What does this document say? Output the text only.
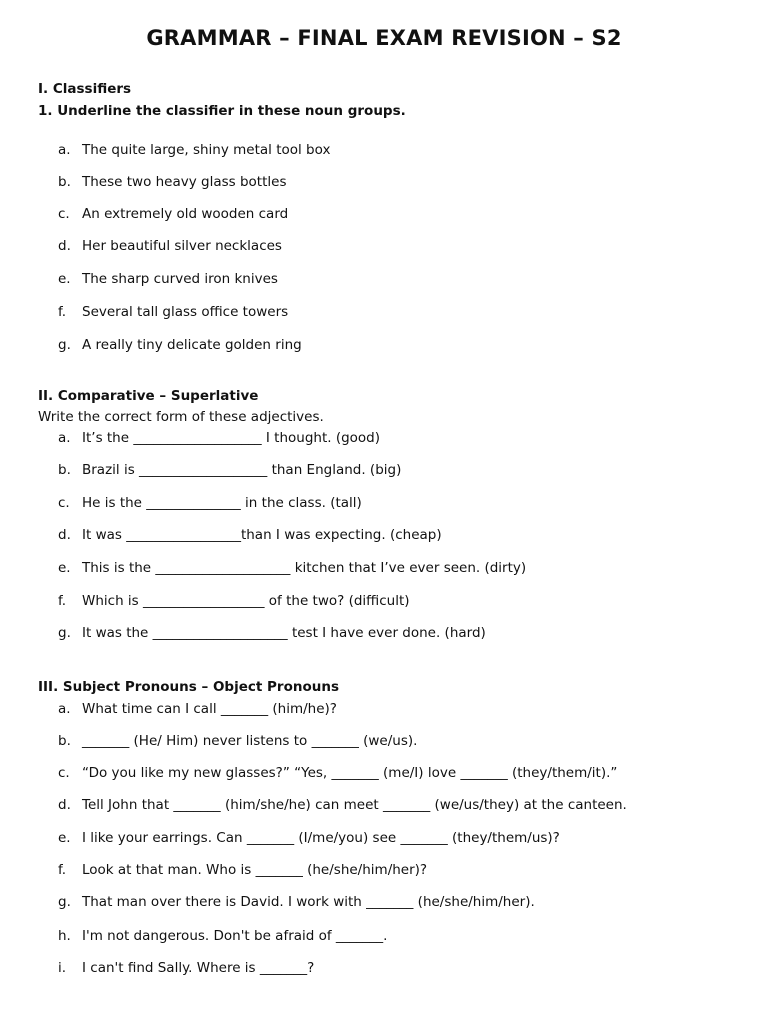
GRAMMAR – FINAL EXAM REVISION – S2

I. Classifiers

1. Underline the classifier in these noun groups.

a. The quite large, shiny metal tool box

b. These two heavy glass bottles

c. An extremely old wooden card

d. Her beautiful silver necklaces

e. The sharp curved iron knives

f. Several tall glass office towers

g. A really tiny delicate golden ring

II. Comparative – Superlative

Write the correct form of these adjectives.

a. It’s the ___________________ I thought. (good)

b. Brazil is ___________________ than England. (big)

c. He is the ______________ in the class. (tall)

d. It was _________________than I was expecting. (cheap)

e. This is the ____________________ kitchen that I’ve ever seen. (dirty)

f. Which is __________________ of the two? (difficult)

g. It was the ____________________ test I have ever done. (hard)

III. Subject Pronouns – Object Pronouns

a. What time can I call _______ (him/he)?

b. _______ (He/ Him) never listens to _______ (we/us).

c. “Do you like my new glasses?” “Yes, _______ (me/I) love _______ (they/them/it).”

d. Tell John that _______ (him/she/he) can meet _______ (we/us/they) at the canteen.

e. I like your earrings. Can _______ (I/me/you) see _______ (they/them/us)?

f. Look at that man. Who is _______ (he/she/him/her)?

g. That man over there is David. I work with _______ (he/she/him/her).

h. I'm not dangerous. Don't be afraid of _______.

i. I can't find Sally. Where is _______?
